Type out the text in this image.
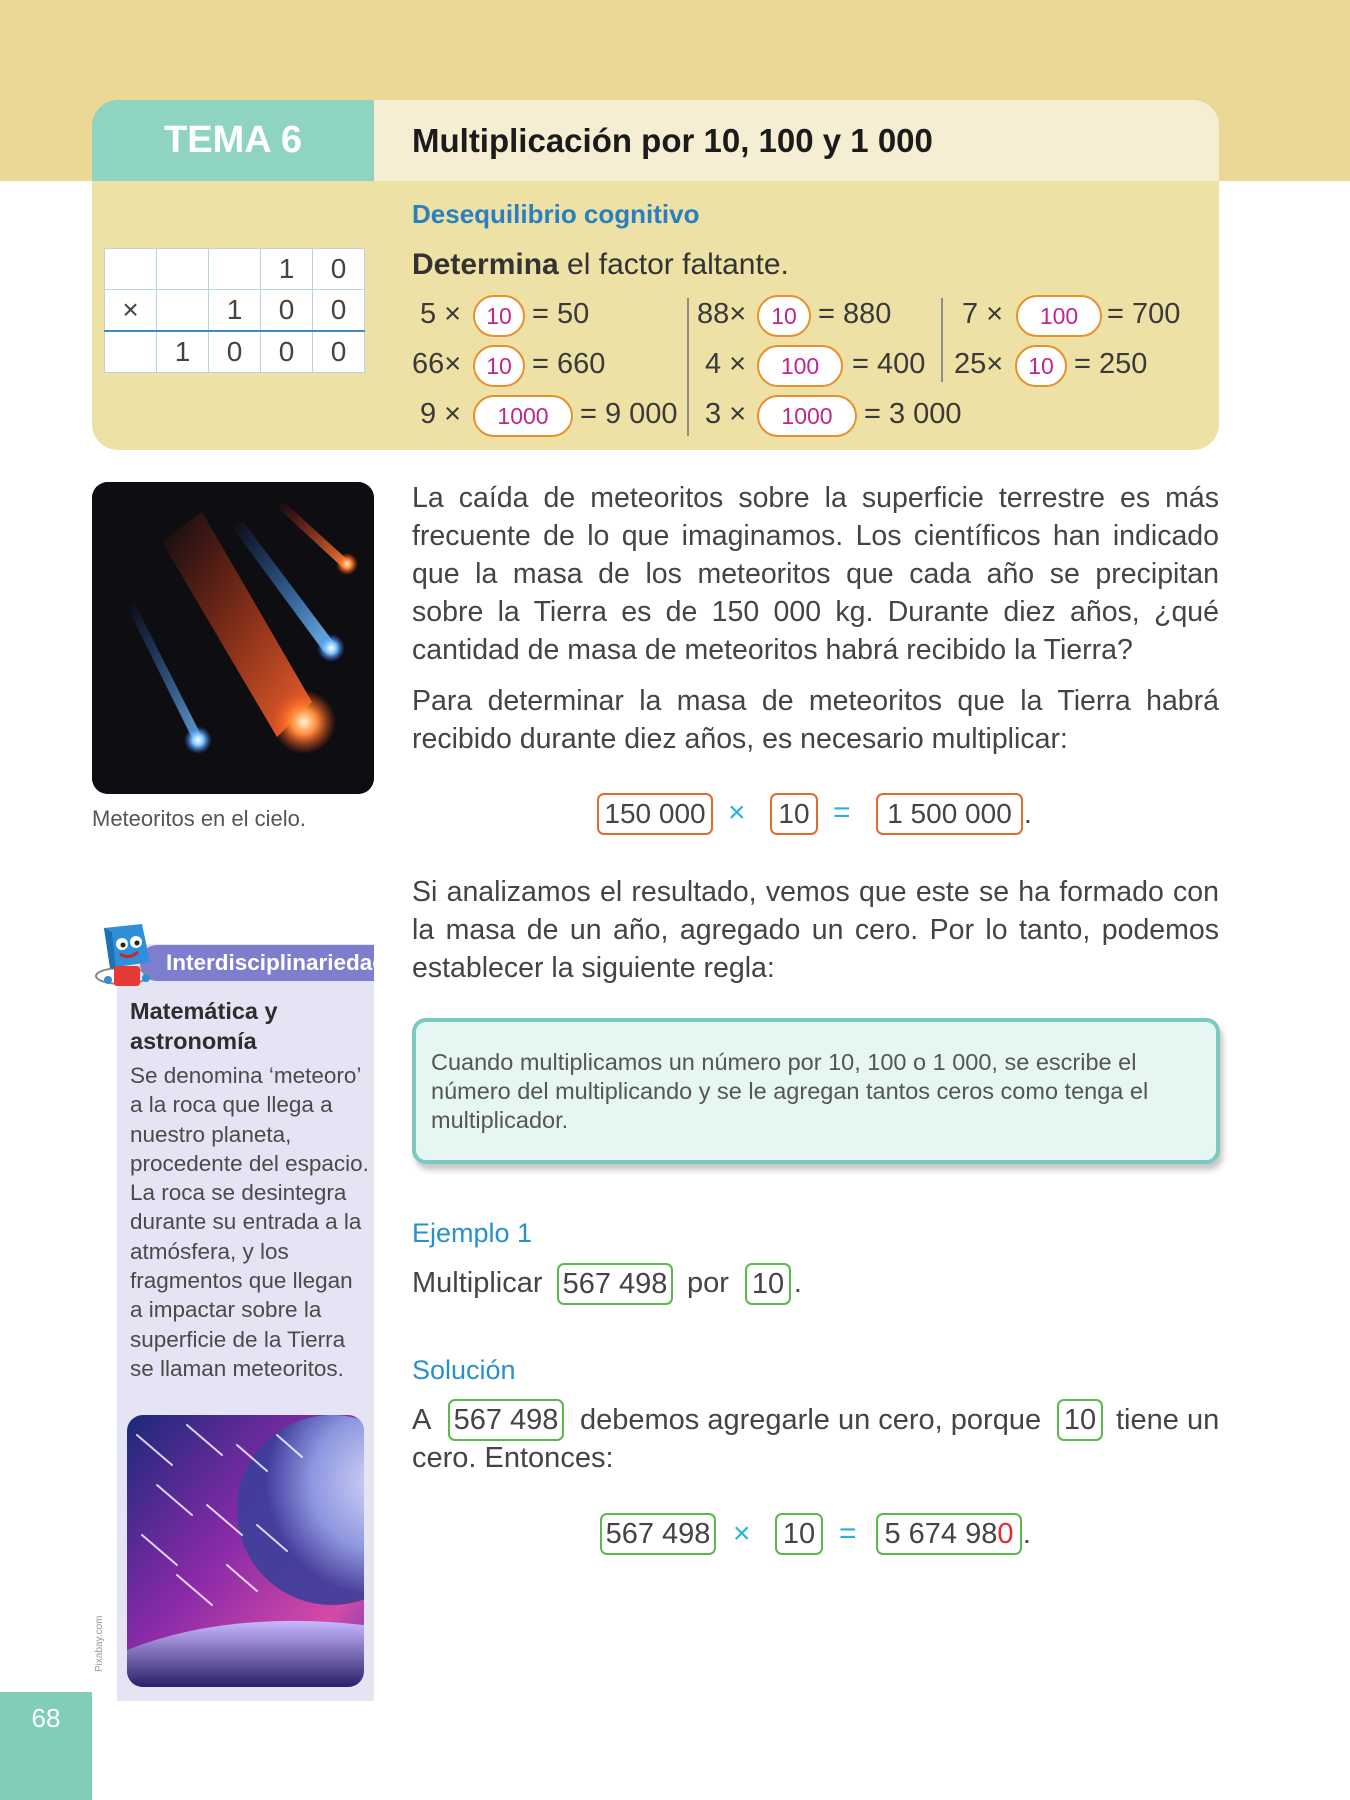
TEMA 6	Multiplicación por 10, 100 y 1 000
Desequilibrio cognitivo
Determina el factor faltante.
			1	0
×		1	0	0
	1	0	0	0
5 ×	10 = 50
66×	10 = 660
9 ×	1000	= 9 000
88×	10 = 880
4 ×	100	= 400
3 ×	1000	= 3 000
7 ×	100 = 700
25×	10 = 250
Meteoritos en el cielo.
La caída de meteoritos sobre la superficie terrestre es más frecuente de lo que imaginamos. Los científicos han indicado que la masa de los meteoritos que cada año se precipitan sobre la Tierra es de 150 000 kg. Durante diez años, ¿qué cantidad de masa de meteoritos habrá recibido la Tierra?
Para determinar la masa de meteoritos que la Tierra habrá recibido durante diez años, es necesario multiplicar:
150 000 ×	10 =	1 500 000 .
Si analizamos el resultado, vemos que este se ha formado con la masa de un año, agregado un cero. Por lo tanto, podemos establecer la siguiente regla:
Cuando multiplicamos un número por 10, 100 o 1 000, se escribe el número del multiplicando y se le agregan tantos ceros como tenga el multiplicador.
Ejemplo 1
Multiplicar 567 498 por 10 .
Solución
A 567 498 debemos agregarle un cero, porque 10 tiene un
cero. Entonces:
567 498 × 10 = 5 674 98 0 .
Interdisciplinariedad
Matemática y astronomía
Se denomina ‘meteoro’ a la roca que llega a nuestro planeta, procedente del espacio. La roca se desintegra durante su entrada a la atmósfera, y los fragmentos que llegan a impactar sobre la superficie de la Tierra se llaman meteoritos.
Pixabay.com
68
